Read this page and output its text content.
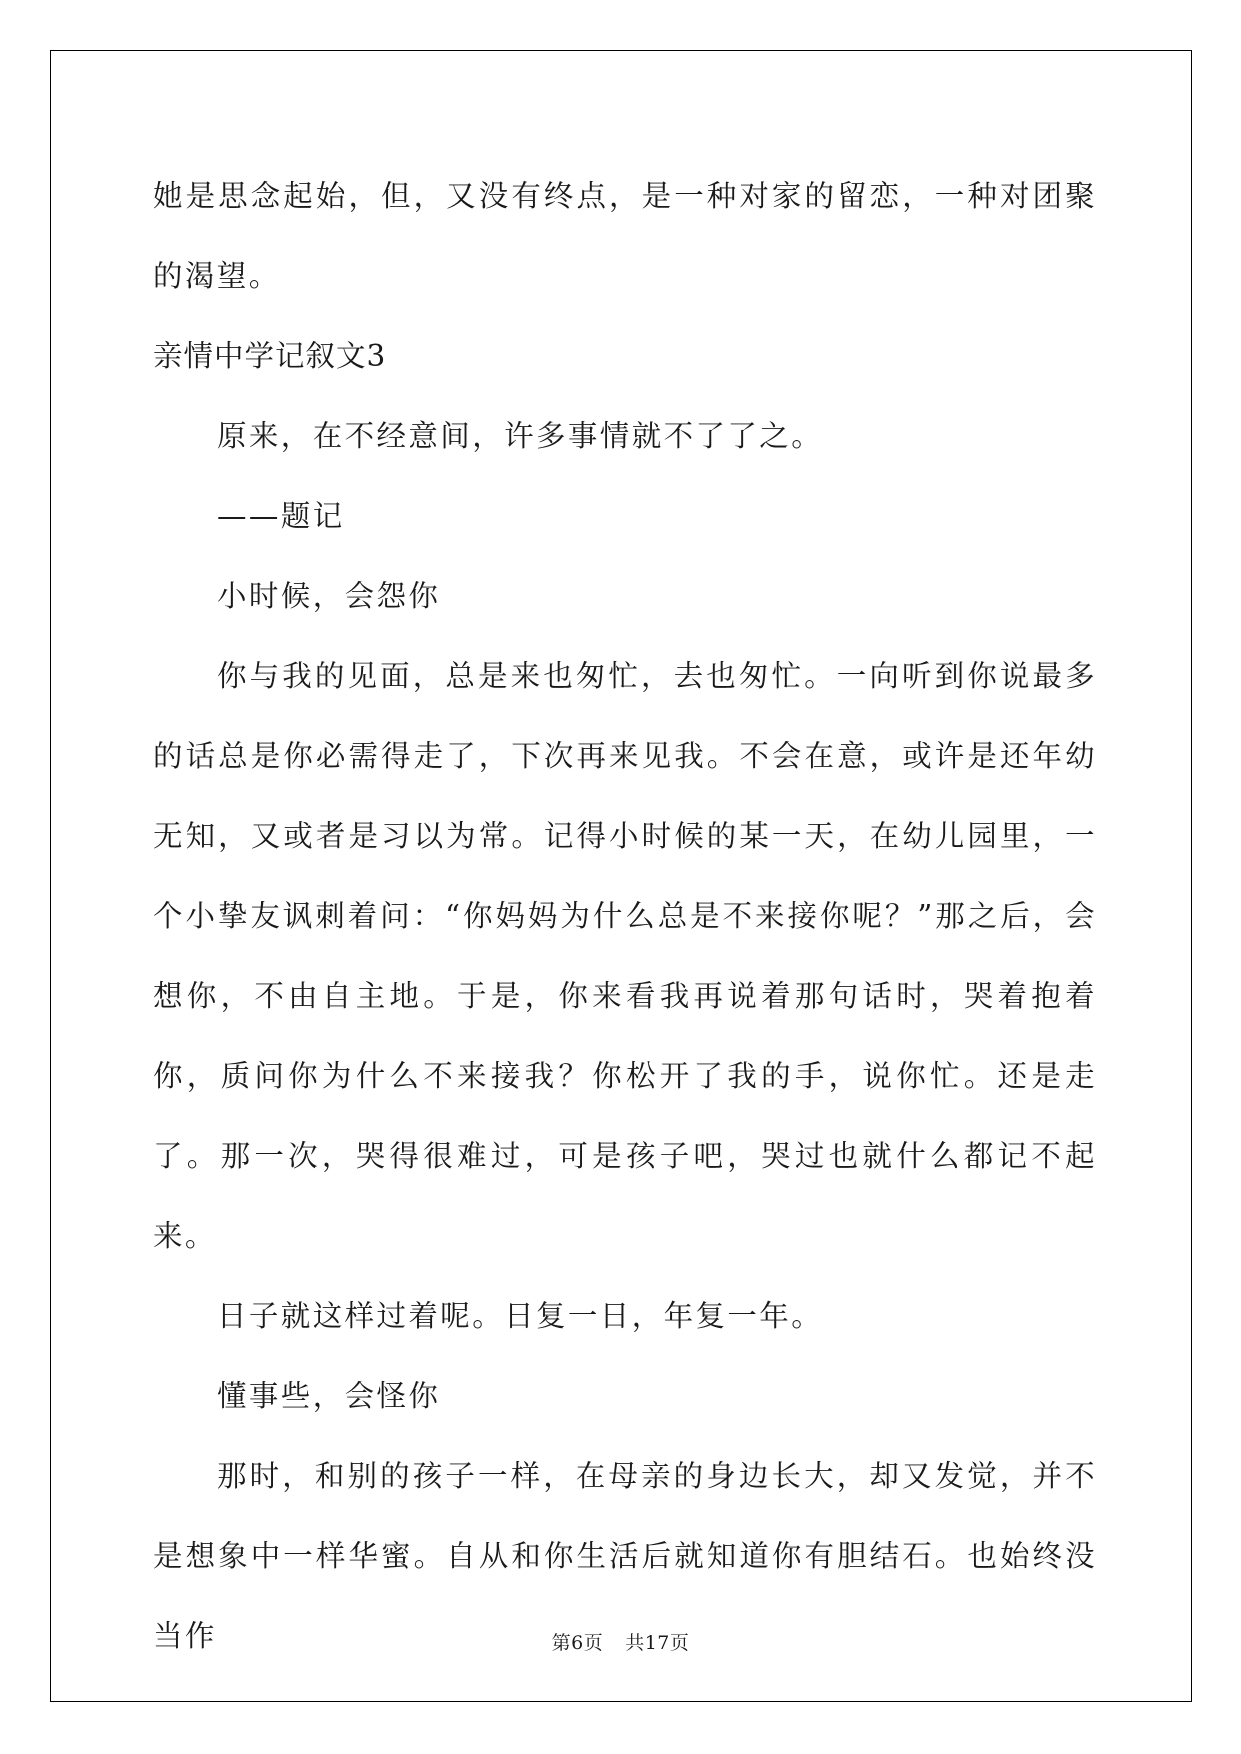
她是思念起始，但，又没有终点，是一种对家的留恋，一种对团聚的渴望。

亲情中学记叙文3

原来，在不经意间，许多事情就不了了之。

——题记

小时候，会怨你

你与我的见面，总是来也匆忙，去也匆忙。一向听到你说最多的话总是你必需得走了，下次再来见我。不会在意，或许是还年幼无知，又或者是习以为常。记得小时候的某一天，在幼儿园里，一个小挚友讽刺着问：“你妈妈为什么总是不来接你呢？”那之后，会想你，不由自主地。于是，你来看我再说着那句话时，哭着抱着你，质问你为什么不来接我？你松开了我的手，说你忙。还是走了。那一次，哭得很难过，可是孩子吧，哭过也就什么都记不起来。

日子就这样过着呢。日复一日，年复一年。

懂事些，会怪你

那时，和别的孩子一样，在母亲的身边长大，却又发觉，并不是想象中一样华蜜。自从和你生活后就知道你有胆结石。也始终没当作	第6页 共17页
